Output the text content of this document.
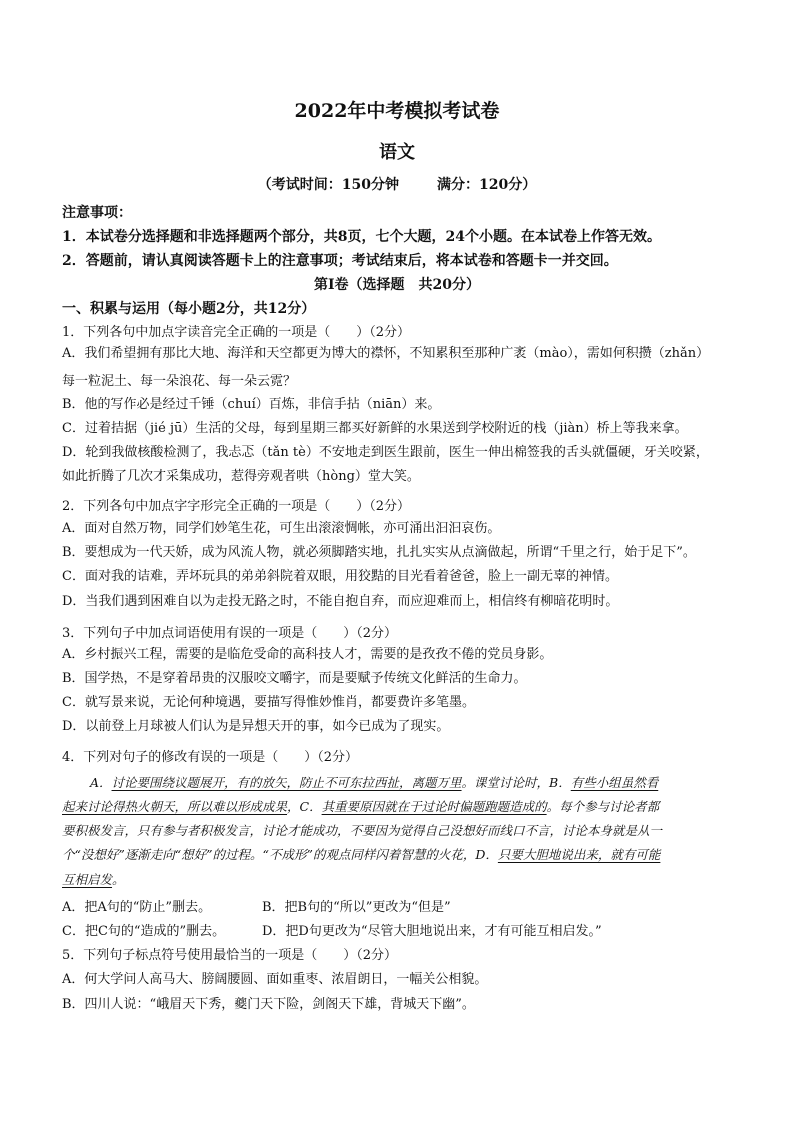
2022年中考模拟考试卷
语文
（考试时间：150分钟	满分：120分）
注意事项：
1．本试卷分选择题和非选择题两个部分，共8页，七个大题，24个小题。在本试卷上作答无效。
2．答题前，请认真阅读答题卡上的注意事项；考试结束后，将本试卷和答题卡一并交回。
第Ⅰ卷（选择题　共20分）
一、积累与运用（每小题2分，共12分）
1．下列各句中加点字读音完全正确的一项是（　　）（2分）
A．我们希望拥有那比大地、海洋和天空都更为博大的襟怀，不知累积至那种广袤（mào），需如何积攒（zhǎn）
每一粒泥土、每一朵浪花、每一朵云霓？
B．他的写作必是经过千锤（chuí）百炼，非信手拈（niān）来。
C．过着拮据（jié jū）生活的父母，每到星期三都买好新鲜的水果送到学校附近的栈（jiàn）桥上等我来拿。
D．轮到我做核酸检测了，我忐忑（tǎn tè）不安地走到医生跟前，医生一伸出棉签我的舌头就僵硬，牙关咬紧，
如此折腾了几次才采集成功，惹得旁观者哄（hòng）堂大笑。
2．下列各句中加点字字形完全正确的一项是（　　）（2分）
A．面对自然万物，同学们妙笔生花，可生出滚滚惆帐，亦可涌出汩汩哀伤。
B．要想成为一代天娇，成为风流人物，就必须脚踏实地，扎扎实实从点滴做起，所谓“千里之行，始于足下”。
C．面对我的诘难，弄坏玩具的弟弟斜院着双眼，用狡黠的目光看着爸爸，脸上一副无辜的神情。
D．当我们遇到困难自以为走投无路之时，不能自抱自弃，而应迎难而上，相信终有柳暗花明时。
3．下列句子中加点词语使用有误的一项是（　　）（2分）
A．乡村振兴工程，需要的是临危受命的高科技人才，需要的是孜孜不倦的党员身影。
B．国学热，不是穿着昂贵的汉服咬文嚼字，而是要赋予传统文化鲜活的生命力。
C．就写景来说，无论何种境遇，要描写得惟妙惟肖，都要费许多笔墨。
D．以前登上月球被人们认为是异想天开的事，如今已成为了现实。
4．下列对句子的修改有误的一项是（　　）（2分）
A．讨论要围绕议题展开，有的放矢，防止不可东拉西扯，离题万里。课堂讨论时，B．有些小组虽然看
起来讨论得热火朝天，所以难以形成成果，C．其重要原因就在于过论时偏题跑题造成的。每个参与讨论者都
要积极发言，只有参与者积极发言，讨论才能成功，不要因为觉得自己没想好而线口不言，讨论本身就是从一
个“没想好”逐渐走向“想好”的过程。“不成形”的观点同样闪着智慧的火花，D．只要大胆地说出来，就有可能
互相启发。
A．把A句的“防止”删去。	B．把B句的“所以”更改为“但是”
C．把C句的“造成的”删去。	D．把D句更改为“尽管大胆地说出来，才有可能互相启发。”
5．下列句子标点符号使用最恰当的一项是（　　）（2分）
A．何大学问人高马大、膀阔腰圆、面如重枣、浓眉朗日，一幅关公相貌。
B．四川人说：“峨眉天下秀，夔门天下险，剑阁天下雄，背城天下幽”。
